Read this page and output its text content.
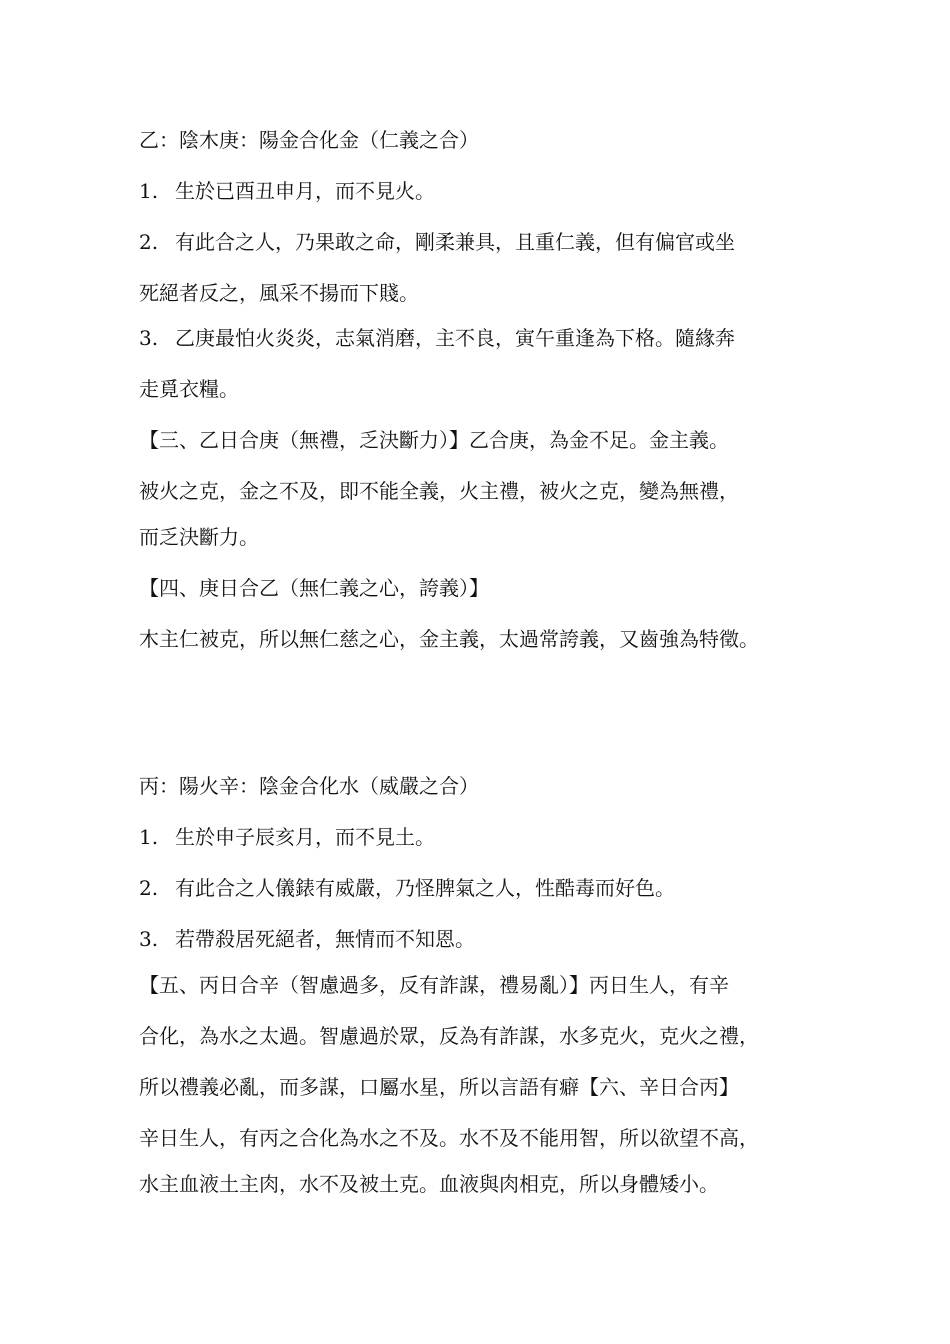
乙：陰木庚：陽金合化金（仁義之合）
1. 生於已酉丑申月，而不見火。
2. 有此合之人，乃果敢之命，剛柔兼具，且重仁義，但有偏官或坐
死絕者反之，風采不揚而下賤。
3. 乙庚最怕火炎炎，志氣消磨，主不良，寅午重逢為下格。隨緣奔
走覓衣糧。
【三、乙日合庚（無禮，乏決斷力）】乙合庚，為金不足。金主義。
被火之克，金之不及，即不能全義，火主禮，被火之克，變為無禮，
而乏決斷力。
【四、庚日合乙（無仁義之心，誇義）】
木主仁被克，所以無仁慈之心，金主義，太過常誇義，又齒強為特徵。
丙：陽火辛：陰金合化水（威嚴之合）
1. 生於申子辰亥月，而不見土。
2. 有此合之人儀錶有威嚴，乃怪脾氣之人，性酷毒而好色。
3. 若帶殺居死絕者，無情而不知恩。
【五、丙日合辛（智慮過多，反有詐謀，禮易亂）】丙日生人，有辛
合化，為水之太過。智慮過於眾，反為有詐謀，水多克火，克火之禮，
所以禮義必亂，而多謀，口屬水星，所以言語有癖【六、辛日合丙】
辛日生人，有丙之合化為水之不及。水不及不能用智，所以欲望不高，
水主血液土主肉，水不及被土克。血液與肉相克，所以身體矮小。
